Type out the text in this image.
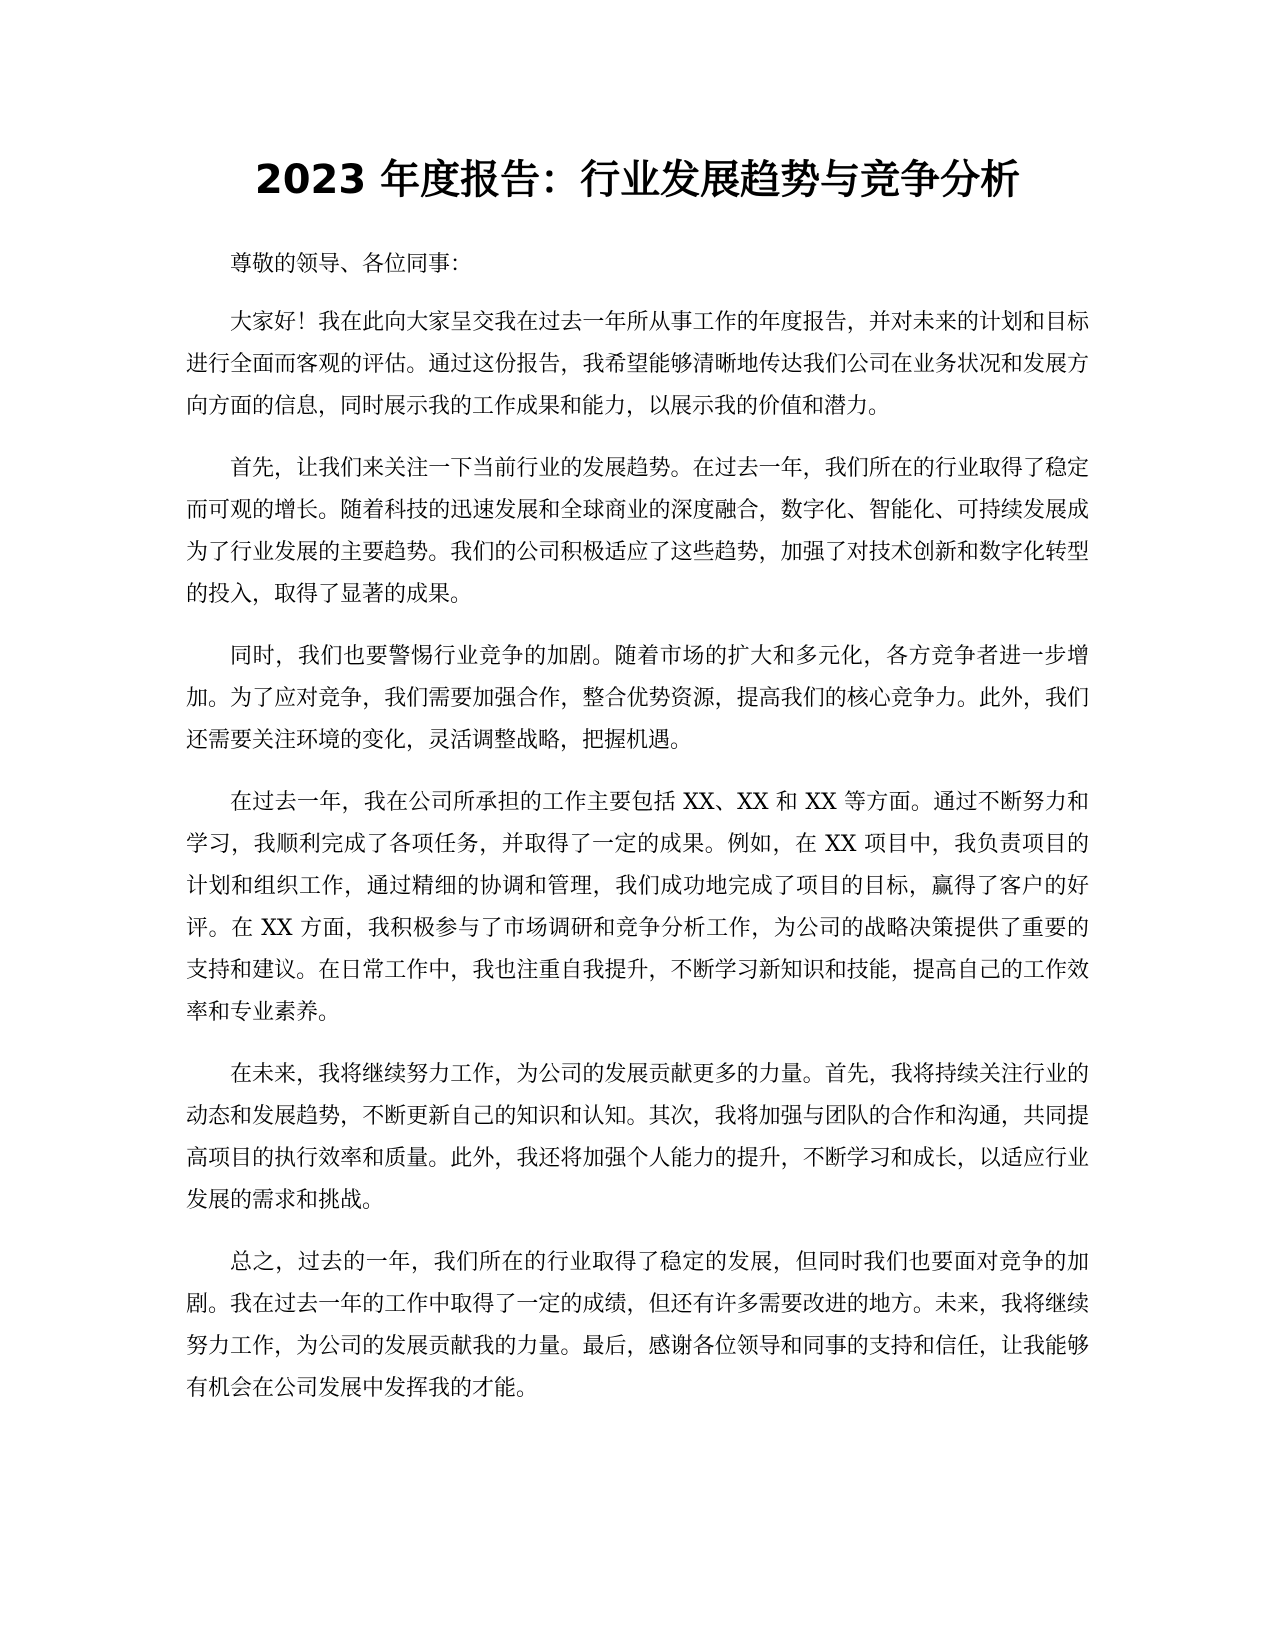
2023 年度报告：行业发展趋势与竞争分析

尊敬的领导、各位同事：

大家好！我在此向大家呈交我在过去一年所从事工作的年度报告，并对未来的计划和目标进行全面而客观的评估。通过这份报告，我希望能够清晰地传达我们公司在业务状况和发展方向方面的信息，同时展示我的工作成果和能力，以展示我的价值和潜力。

首先，让我们来关注一下当前行业的发展趋势。在过去一年，我们所在的行业取得了稳定而可观的增长。随着科技的迅速发展和全球商业的深度融合，数字化、智能化、可持续发展成为了行业发展的主要趋势。我们的公司积极适应了这些趋势，加强了对技术创新和数字化转型的投入，取得了显著的成果。

同时，我们也要警惕行业竞争的加剧。随着市场的扩大和多元化，各方竞争者进一步增加。为了应对竞争，我们需要加强合作，整合优势资源，提高我们的核心竞争力。此外，我们还需要关注环境的变化，灵活调整战略，把握机遇。

在过去一年，我在公司所承担的工作主要包括 XX、XX 和 XX 等方面。通过不断努力和学习，我顺利完成了各项任务，并取得了一定的成果。例如，在 XX 项目中，我负责项目的计划和组织工作，通过精细的协调和管理，我们成功地完成了项目的目标，赢得了客户的好评。在 XX 方面，我积极参与了市场调研和竞争分析工作，为公司的战略决策提供了重要的支持和建议。在日常工作中，我也注重自我提升，不断学习新知识和技能，提高自己的工作效率和专业素养。

在未来，我将继续努力工作，为公司的发展贡献更多的力量。首先，我将持续关注行业的动态和发展趋势，不断更新自己的知识和认知。其次，我将加强与团队的合作和沟通，共同提高项目的执行效率和质量。此外，我还将加强个人能力的提升，不断学习和成长，以适应行业发展的需求和挑战。

总之，过去的一年，我们所在的行业取得了稳定的发展，但同时我们也要面对竞争的加剧。我在过去一年的工作中取得了一定的成绩，但还有许多需要改进的地方。未来，我将继续努力工作，为公司的发展贡献我的力量。最后，感谢各位领导和同事的支持和信任，让我能够有机会在公司发展中发挥我的才能。
